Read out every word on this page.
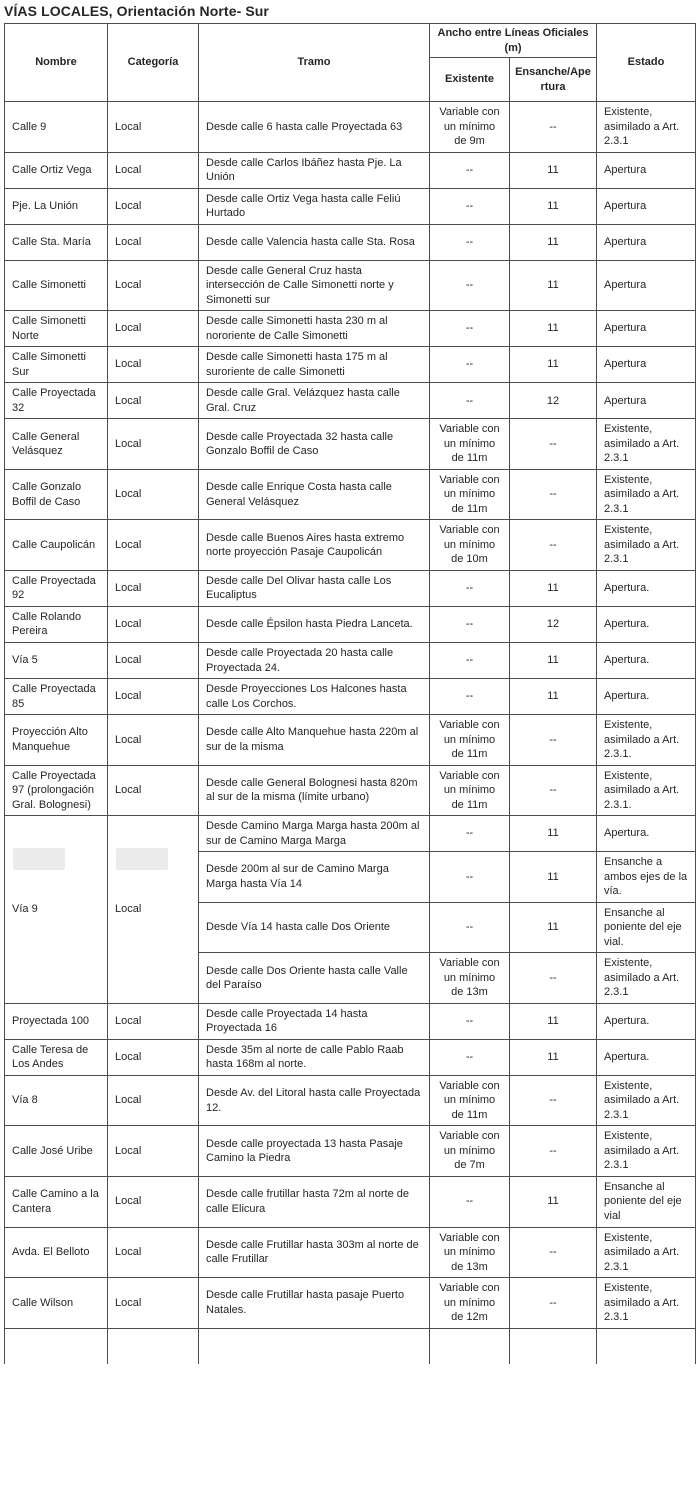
VÍAS LOCALES, Orientación Norte- Sur
Nombre	Categoría	Tramo	Ancho entre Líneas Oficiales (m)		Estado
			Existente	Ensanche/Apertura	
Calle 9	Local	Desde calle 6 hasta calle Proyectada 63	Variable con un mínimo de 9m	--	Existente, asimilado a Art. 2.3.1
Calle Ortiz Vega	Local	Desde calle Carlos Ibáñez hasta Pje. La Unión	--	11	Apertura
Pje. La Unión	Local	Desde calle Ortiz Vega hasta calle Feliú Hurtado	--	11	Apertura
Calle Sta. María	Local	Desde calle Valencia hasta calle Sta. Rosa	--	11	Apertura
Calle Simonetti	Local	Desde calle General Cruz hasta intersección de Calle Simonetti norte y Simonetti sur	--	11	Apertura
Calle Simonetti Norte	Local	Desde calle Simonetti hasta 230 m al nororiente de Calle Simonetti	--	11	Apertura
Calle Simonetti Sur	Local	Desde calle Simonetti hasta 175 m al suroriente de calle Simonetti	--	11	Apertura
Calle Proyectada 32	Local	Desde calle Gral. Velázquez hasta calle Gral. Cruz	--	12	Apertura
Calle General Velásquez	Local	Desde calle Proyectada 32 hasta calle Gonzalo Boffil de Caso	Variable con un mínimo de 11m	--	Existente, asimilado a Art. 2.3.1
Calle Gonzalo Boffil de Caso	Local	Desde calle Enrique Costa hasta calle General Velásquez	Variable con un mínimo de 11m	--	Existente, asimilado a Art. 2.3.1
Calle Caupolicán	Local	Desde calle Buenos Aires hasta extremo norte proyección Pasaje Caupolicán	Variable con un mínimo de 10m	--	Existente, asimilado a Art. 2.3.1
Calle Proyectada 92	Local	Desde calle Del Olivar hasta calle Los Eucaliptus	--	11	Apertura.
Calle Rolando Pereira	Local	Desde calle Épsilon hasta Piedra Lanceta.	--	12	Apertura.
Vía 5	Local	Desde calle Proyectada 20 hasta calle Proyectada 24.	--	11	Apertura.
Calle Proyectada 85	Local	Desde Proyecciones Los Halcones hasta calle Los Corchos.	--	11	Apertura.
Proyección Alto Manquehue	Local	Desde calle Alto Manquehue hasta 220m al sur de la misma	Variable con un mínimo de 11m	--	Existente, asimilado a Art. 2.3.1.
Calle Proyectada 97 (prolongación Gral. Bolognesi)	Local	Desde calle General Bolognesi hasta 820m al sur de la misma (límite urbano)	Variable con un mínimo de 11m	--	Existente, asimilado a Art. 2.3.1.
Vía 9	Local	Desde Camino Marga Marga hasta 200m al sur de Camino Marga Marga	--	11	Apertura.
		Desde 200m al sur de Camino Marga Marga hasta Vía 14	--	11	Ensanche a ambos ejes de la vía.
		Desde Vía 14 hasta calle Dos Oriente	--	11	Ensanche al poniente del eje vial.
		Desde calle Dos Oriente hasta calle Valle del Paraíso	Variable con un mínimo de 13m	--	Existente, asimilado a Art. 2.3.1
Proyectada 100	Local	Desde calle Proyectada 14 hasta Proyectada 16	--	11	Apertura.
Calle Teresa de Los Andes	Local	Desde 35m al norte de calle Pablo Raab hasta 168m al norte.	--	11	Apertura.
Vía 8	Local	Desde Av. del Litoral hasta calle Proyectada 12.	Variable con un mínimo de 11m	--	Existente, asimilado a Art. 2.3.1
Calle José Uribe	Local	Desde calle proyectada 13 hasta Pasaje Camino la Piedra	Variable con un mínimo de 7m	--	Existente, asimilado a Art. 2.3.1
Calle Camino a la Cantera	Local	Desde calle frutillar hasta 72m al norte de calle Elicura	--	11	Ensanche al poniente del eje vial
Avda. El Belloto	Local	Desde calle Frutillar hasta 303m al norte de calle Frutillar	Variable con un mínimo de 13m	--	Existente, asimilado a Art. 2.3.1
Calle Wilson	Local	Desde calle Frutillar hasta pasaje Puerto Natales.	Variable con un mínimo de 12m	--	Existente, asimilado a Art. 2.3.1
